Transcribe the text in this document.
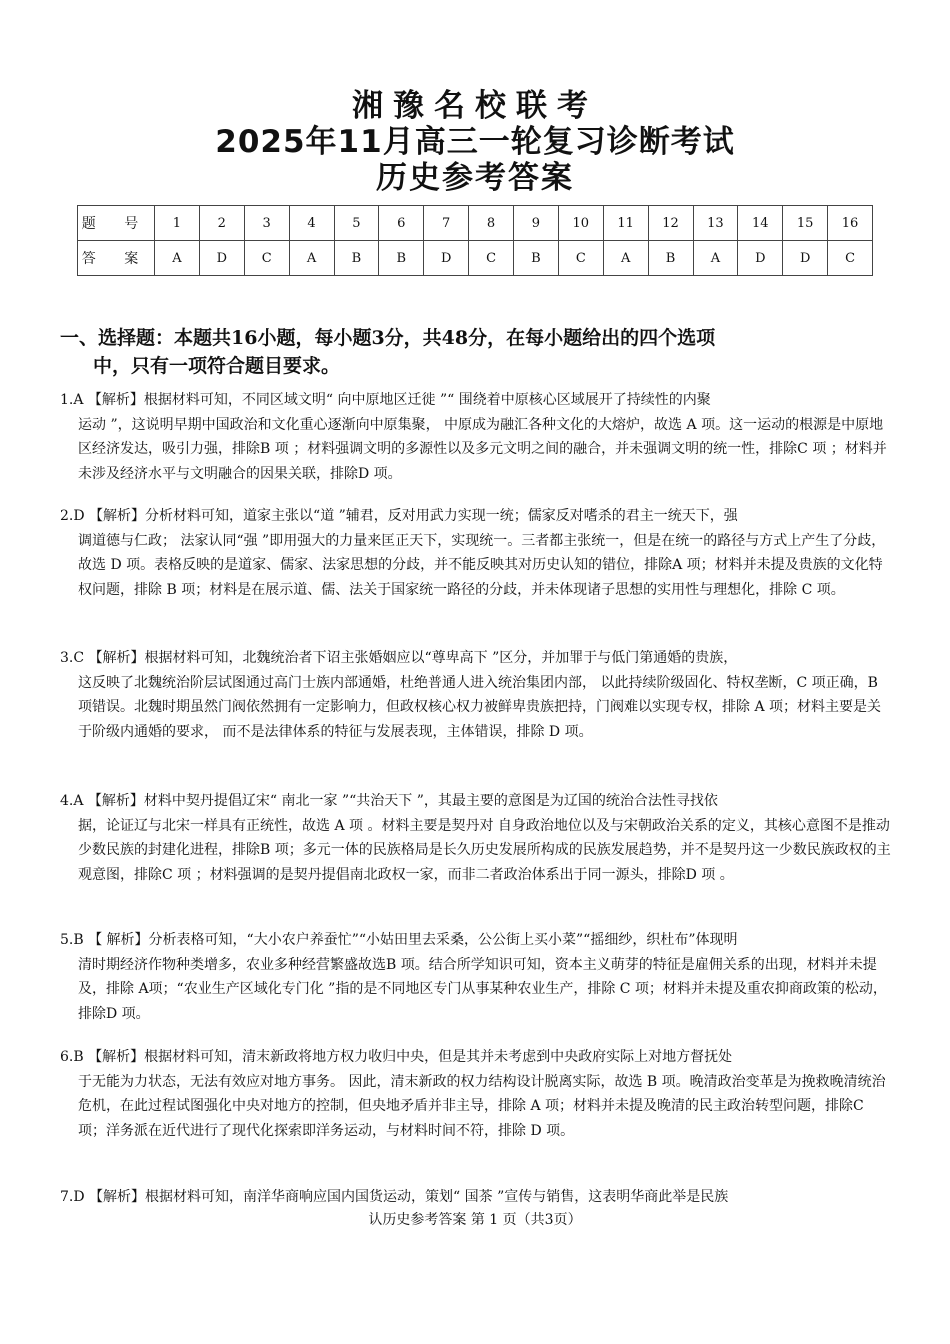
湘豫名校联考
2025年11月高三一轮复习诊断考试
历史参考答案
题 号	1	2	3	4	5	6	7	8	9	10	11	12	13	14	15	16
答 案	A	D	C	A	B	B	D	C	B	C	A	B	A	D	D	C
一、选择题：本题共16小题，每小题3分，共48分，在每小题给出的四个选项
中，只有一项符合题目要求。
1.A 【解析】根据材料可知，不同区域文明“ 向中原地区迁徙 ”“ 围绕着中原核心区域展开了持续性的内聚
运动 ”，这说明早期中国政治和文化重心逐渐向中原集聚， 中原成为融汇各种文化的大熔炉，故选 A 项。这一运动的根源是中原地区经济发达，吸引力强，排除B 项 ；材料强调文明的多源性以及多元文明之间的融合，并未强调文明的统一性，排除C 项 ；材料并未涉及经济水平与文明融合的因果关联，排除D 项。
2.D 【解析】分析材料可知，道家主张以“道 ”辅君，反对用武力实现一统；儒家反对嗜杀的君主一统天下，强
调道德与仁政； 法家认同“强 ”即用强大的力量来匡正天下，实现统一。三者都主张统一，但是在统一的路径与方式上产生了分歧，故选 D 项。表格反映的是道家、儒家、法家思想的分歧，并不能反映其对历史认知的错位，排除A 项；材料并未提及贵族的文化特权问题，排除 B 项；材料是在展示道、儒、法关于国家统一路径的分歧，并未体现诸子思想的实用性与理想化，排除 C 项。
3.C 【解析】根据材料可知，北魏统治者下诏主张婚姻应以“尊卑高下 ”区分，并加罪于与低门第通婚的贵族，
这反映了北魏统治阶层试图通过高门士族内部通婚，杜绝普通人进入统治集团内部， 以此持续阶级固化、特权垄断，C 项正确，B 项错误。北魏时期虽然门阀依然拥有一定影响力，但政权核心权力被鲜卑贵族把持，门阀难以实现专权，排除 A 项；材料主要是关于阶级内通婚的要求， 而不是法律体系的特征与发展表现，主体错误，排除 D 项。
4.A 【解析】材料中契丹提倡辽宋“ 南北一家 ”“共治天下 ”，其最主要的意图是为辽国的统治合法性寻找依
据，论证辽与北宋一样具有正统性，故选 A 项 。材料主要是契丹对 自身政治地位以及与宋朝政治关系的定义，其核心意图不是推动少数民族的封建化进程，排除B 项；多元一体的民族格局是长久历史发展所构成的民族发展趋势，并不是契丹这一少数民族政权的主观意图，排除C 项 ；材料强调的是契丹提倡南北政权一家，而非二者政治体系出于同一源头，排除D 项 。
5.B 【 解析】分析表格可知，“大小农户养蚕忙”“小姑田里去采桑，公公街上买小菜”“摇细纱，织杜布”体现明
清时期经济作物种类增多，农业多种经营繁盛故选B 项。结合所学知识可知，资本主义萌芽的特征是雇佣关系的出现，材料并未提及，排除 A项；“农业生产区域化专门化 ”指的是不同地区专门从事某种农业生产，排除 C 项；材料并未提及重农抑商政策的松动，排除D 项。
6.B 【解析】根据材料可知，清末新政将地方权力收归中央，但是其并未考虑到中央政府实际上对地方督抚处
于无能为力状态，无法有效应对地方事务。 因此，清末新政的权力结构设计脱离实际，故选 B 项。晚清政治变革是为挽救晚清统治危机，在此过程试图强化中央对地方的控制，但央地矛盾并非主导，排除 A 项；材料并未提及晚清的民主政治转型问题，排除C 项；洋务派在近代进行了现代化探索即洋务运动，与材料时间不符，排除 D 项。
7.D 【解析】根据材料可知，南洋华商响应国内国货运动，策划“ 国茶 ”宣传与销售，这表明华商此举是民族
认历史参考答案 第 1 页（共3页）
